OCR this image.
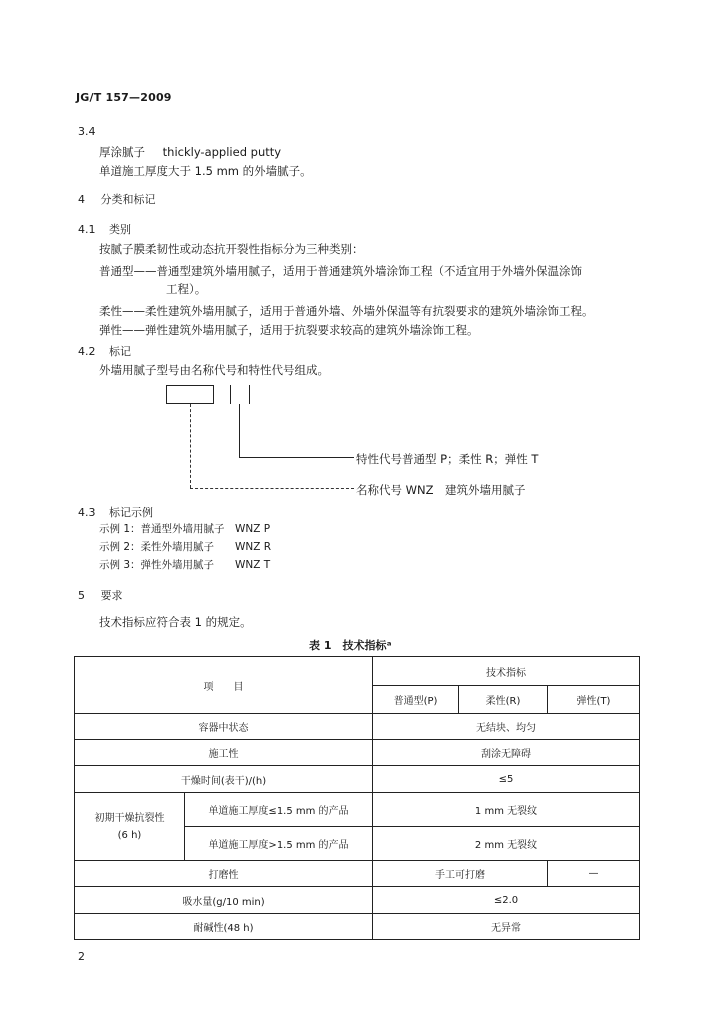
JG/T 157—2009
3.4
厚涂腻子 thickly-applied putty
单道施工厚度大于 1.5 mm 的外墙腻子。
4 分类和标记
4.1 类别
按腻子膜柔韧性或动态抗开裂性指标分为三种类别：
普通型——普通型建筑外墙用腻子，适用于普通建筑外墙涂饰工程（不适宜用于外墙外保温涂饰
工程）。
柔性——柔性建筑外墙用腻子，适用于普通外墙、外墙外保温等有抗裂要求的建筑外墙涂饰工程。
弹性——弹性建筑外墙用腻子，适用于抗裂要求较高的建筑外墙涂饰工程。
4.2 标记
外墙用腻子型号由名称代号和特性代号组成。
特性代号普通型 P；柔性 R；弹性 T
名称代号 WNZ　建筑外墙用腻子
4.3 标记示例
示例 1：普通型外墙用腻子 WNZ P
示例 2：柔性外墙用腻子 WNZ R
示例 3：弹性外墙用腻子 WNZ T
5 要求
技术指标应符合表 1 的规定。
表 1　技术指标ᵃ
项　　目		技术指标		
		普通型(P)	柔性(R)	弹性(T)
容器中状态		无结块、均匀		
施工性		刮涂无障碍		
干燥时间(表干)/(h)		≤5		
初期干燥抗裂性
(6 h)	单道施工厚度≤1.5 mm 的产品	1 mm 无裂纹		
	单道施工厚度>1.5 mm 的产品	2 mm 无裂纹		
打磨性		手工可打磨		—
吸水量(g/10 min)		≤2.0		
耐碱性(48 h)		无异常		
2
